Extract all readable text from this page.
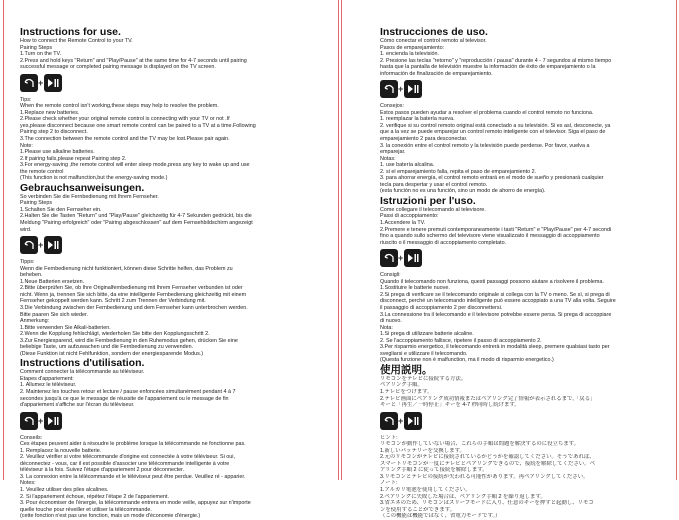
Instructions for use.
How to connect the Remote Control to your TV.
Pairing Steps
1.Turn on the TV.
2.Press and hold keys "Return" and "Play/Pause" at the same time for 4-7 seconds until pairing
successful message or completed pairing message is displayed on the TV screen.
+
Tips:
When the remote control isn't working,these steps may help to resolve the problem.
1.Replace new batteries.
2.Please check whether your original remote control is connecting with your TV or not .If
yes,please disconnect because one smart remote control can be paired to a TV at a time.Following
Pairing step 2 to disconnect.
3.The connection between the remote control and the TV may be lost.Please pair again.
Note:
1.Please use alkaline batteries.
2.If pairing fails,please repeat Pairing step 2.
3.For energy-saving ,the remote control will enter sleep mode,press any key to wake up and use
the remote control
(This function is not malfunction,but the energy-saving mode.)
Gebrauchsanweisungen.
So verbinden Sie die Fernbedienung mit Ihrem Fernseher.
Pairing Steps
1.Schalten Sie den Fernseher ein.
2.Halten Sie die Tasten "Return" und "Play/Pause" gleichzeitig für 4-7 Sekunden gedrückt, bis die
Meldung "Pairing erfolgreich" oder "Pairing abgeschlossen" auf dem Fernsehbildschirm angezeigt
wird.
+
Tipps:
Wenn die Fernbedienung nicht funktioniert, können diese Schritte helfen, das Problem zu
beheben.
1.Neue Batterien ersetzen.
2.Bitte überprüfen Sie, ob Ihre Originalfernbedienung mit Ihrem Fernseher verbunden ist oder
nicht. Wenn ja, trennen Sie sich bitte, da eine intelligente Fernbedienung gleichzeitig mit einem
Fernseher gekoppelt werden kann. Schritt 2 zum Trennen der Verbindung mit.
3.Die Verbindung zwischen der Fernbedienung und dem Fernseher kann unterbrochen werden.
Bitte paaren Sie sich wieder.
Anmerkung:
1.Bitte verwenden Sie Alkali-batterien.
2.Wenn die Kopplung fehlschlägt, wiederholen Sie bitte den Kopplungsschritt 2.
3.Zur Energiesparend, wird die Fernbedienung in den Ruhemodus gehen, drücken Sie eine
beliebige Taste, um aufzuwachen und die Fernbedienung zu verwenden.
(Diese Funktion ist nicht Fehlfunktion, sondern der energiesparende Modus.)
Instructions d'utilisation.
Comment connecter la télécommande au téléviseur.
Étapes d'appariement:
1. Allumez le téléviseur.
2. Maintenez les touches retour et lecture / pause enfoncées simultanément pendant 4 à 7
secondes jusqu'à ce que le message de réussite de l'appariement ou le message de fin
d'appariement s'affiche sur l'écran du téléviseur.
+
Conseils:
Ces étapes peuvent aider à résoudre le problème lorsque la télécommande ne fonctionne pas.
1. Remplacez la nouvelle batterie.
2. Veuillez vérifier si votre télécommande d'origine est connectée à votre téléviseur. Si oui,
déconnectez - vous, car il est possible d'associer une télécommande intelligente à votre
téléviseur à la fois. Suivez l'étape d'appariement 2 pour déconnecter.
3. La connexion entre la télécommande et le téléviseur peut être perdue. Veuillez ré - apparier.
Notes:
1. Veuillez utiliser des piles alcalines.
2. Si l'appariement échoue, répétez l'étape 2 de l'appariement.
3. Pour économiser de l'énergie, la télécommande entrera en mode veille, appuyez sur n'importe
quelle touche pour réveiller et utiliser la télécommande.
(cette fonction n'est pas une fonction, mais un mode d'économie d'énergie.)
Instrucciones de uso.
Cómo conectar el control remoto al televisor.
Pasos de emparejamiento:
1. encienda la televisión.
2. Presione las teclas "retorno" y "reproducción / pausa" durante 4 - 7 segundos al mismo tiempo
hasta que la pantalla de televisión muestre la información de éxito de emparejamiento o la
información de finalización de emparejamiento.
+
Consejos:
Estos pasos pueden ayudar a resolver el problema cuando el control remoto no funciona.
1. reemplazar la batería nueva.
2. verifique si su control remoto original está conectado a su televisión. Si es así, desconecte, ya
que a la vez se puede emparejar un control remoto inteligente con el televisor. Siga el paso de
emparejamiento 2 para desconectar.
3. la conexión entre el control remoto y la televisión puede perderse. Por favor, vuelva a
emparejar.
Notas:
1. use batería alcalina.
2. si el emparejamiento falla, repita el paso de emparejamiento 2.
3. para ahorrar energía, el control remoto entrará en el modo de sueño y presionará cualquier
tecla para despertar y usar el control remoto.
(esta función no es una función, sino un modo de ahorro de energía).
Istruzioni per l'uso.
Come collegare il telecomando al televisore.
Passi di accoppiamento:
1.Accendere la TV.
2.Premere e tenere premuti contemporaneamente i tasti "Return" e "Play/Pause" per 4-7 secondi
fino a quando sullo schermo del televisore viene visualizzato il messaggio di accoppiamento
riuscito o il messaggio di accoppiamento completato.
+
Consigli:
Quando il telecomando non funziona, questi passaggi possono aiutare a risolvere il problema.
1.Sostituire le batterie nuove.
2.Si prega di verificare se il telecomando originale si collega con la TV o meno. Se sì, si prega di
disconnect, perché un telecomando intelligente può essere accoppiato a una TV alla volta. Seguire
il passaggio di accoppiamento 2 per disconnettersi.
3.La connessione tra il telecomando e il televisore potrebbe essere persa. Si prega di accoppiare
di nuovo.
Nota:
1.Si prega di utilizzare batterie alcaline.
2. Se l'accoppiamento fallisce, ripetere il passo di accoppiamento 2.
3.Per risparmio energetico, il telecomando entrerà in modalità sleep, premere qualsiasi tasto per
svegliarsi e utilizzare il telecomando.
(Questa funzione non è malfunction, ma il modo di risparmio energetico.)
使用説明。
リモコンをテレビに接続する方法。
ペアリング手順。
1.テレビをつけます。
2.テレビ画面にペアリング成功情報またはペアリング完了情報が表示されるまで,「戻る」
キーと「再生／一時停止」キーを 4-7 秒同時し続けます。
+
ヒント:
リモコンが動作していない場合、これらの手順は問題を解決するのに役立ちます。
1.新しいバッテリーを交換します。
2.元のリモコンがテレビに接続されているかどうかを確認してください。そうであれば、
スマートリモコンが一度にテレビとペアリングできるので、接続を解除してください。ペ
アリング手順 2 に従って接続を解除します。
3.リモコンとテレビの接続が失われる可能性があります。再ペアリングしてください。
ノート:
1.アルカリ電池を使用してください。
2.ペアリングに失敗した場合は、ペアリング手順 2 を繰り返します。
3.省エネのため、リモコンはスリープモードに入り、任意のキーを押すと起動し、リモコ
ンを使用することができます。
（この機能は機能ではなく、省電力モードです。）
